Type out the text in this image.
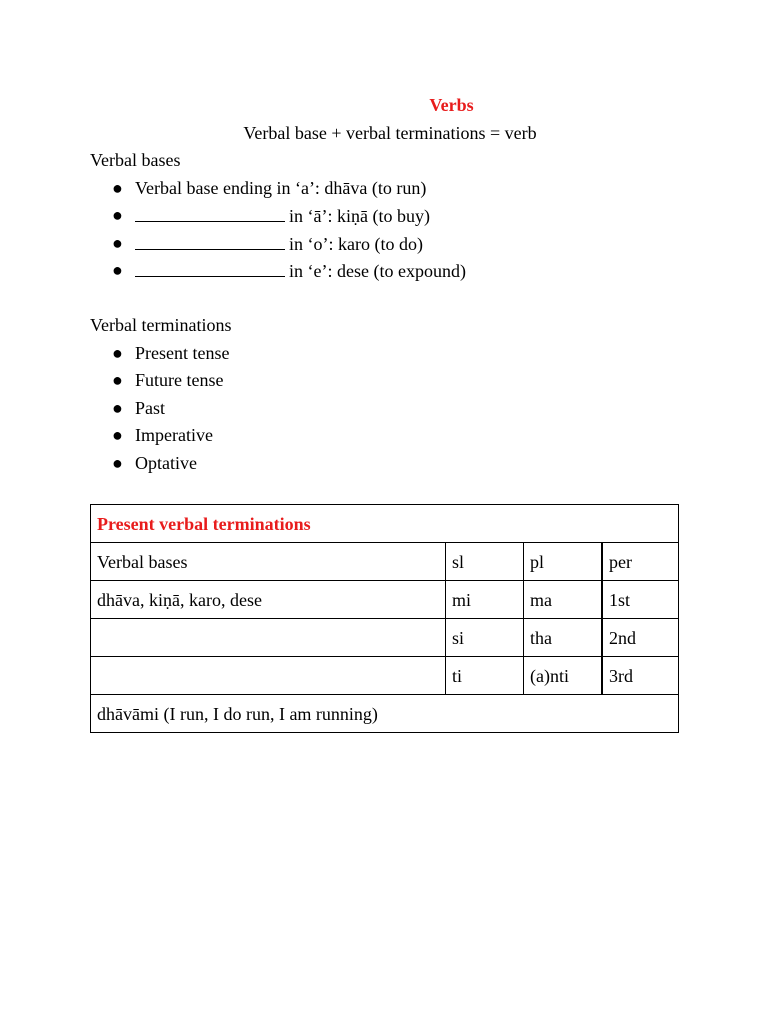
Verbs
Verbal base + verbal terminations = verb
Verbal bases
● Verbal base ending in ‘a’: dhāva (to run)
●	in ‘ā’: kiṇā (to buy)
●	in ‘o’: karo (to do)
●	in ‘e’: dese (to expound)
Verbal terminations
● Present tense
● Future tense
● Past
● Imperative
● Optative
Present verbal terminations			
Verbal bases	sl	pl	per
dhāva, kiṇā, karo, dese	mi	ma	1st
	si	tha	2nd
	ti	(a)nti	3rd
dhāvāmi (I run, I do run, I am running)			
